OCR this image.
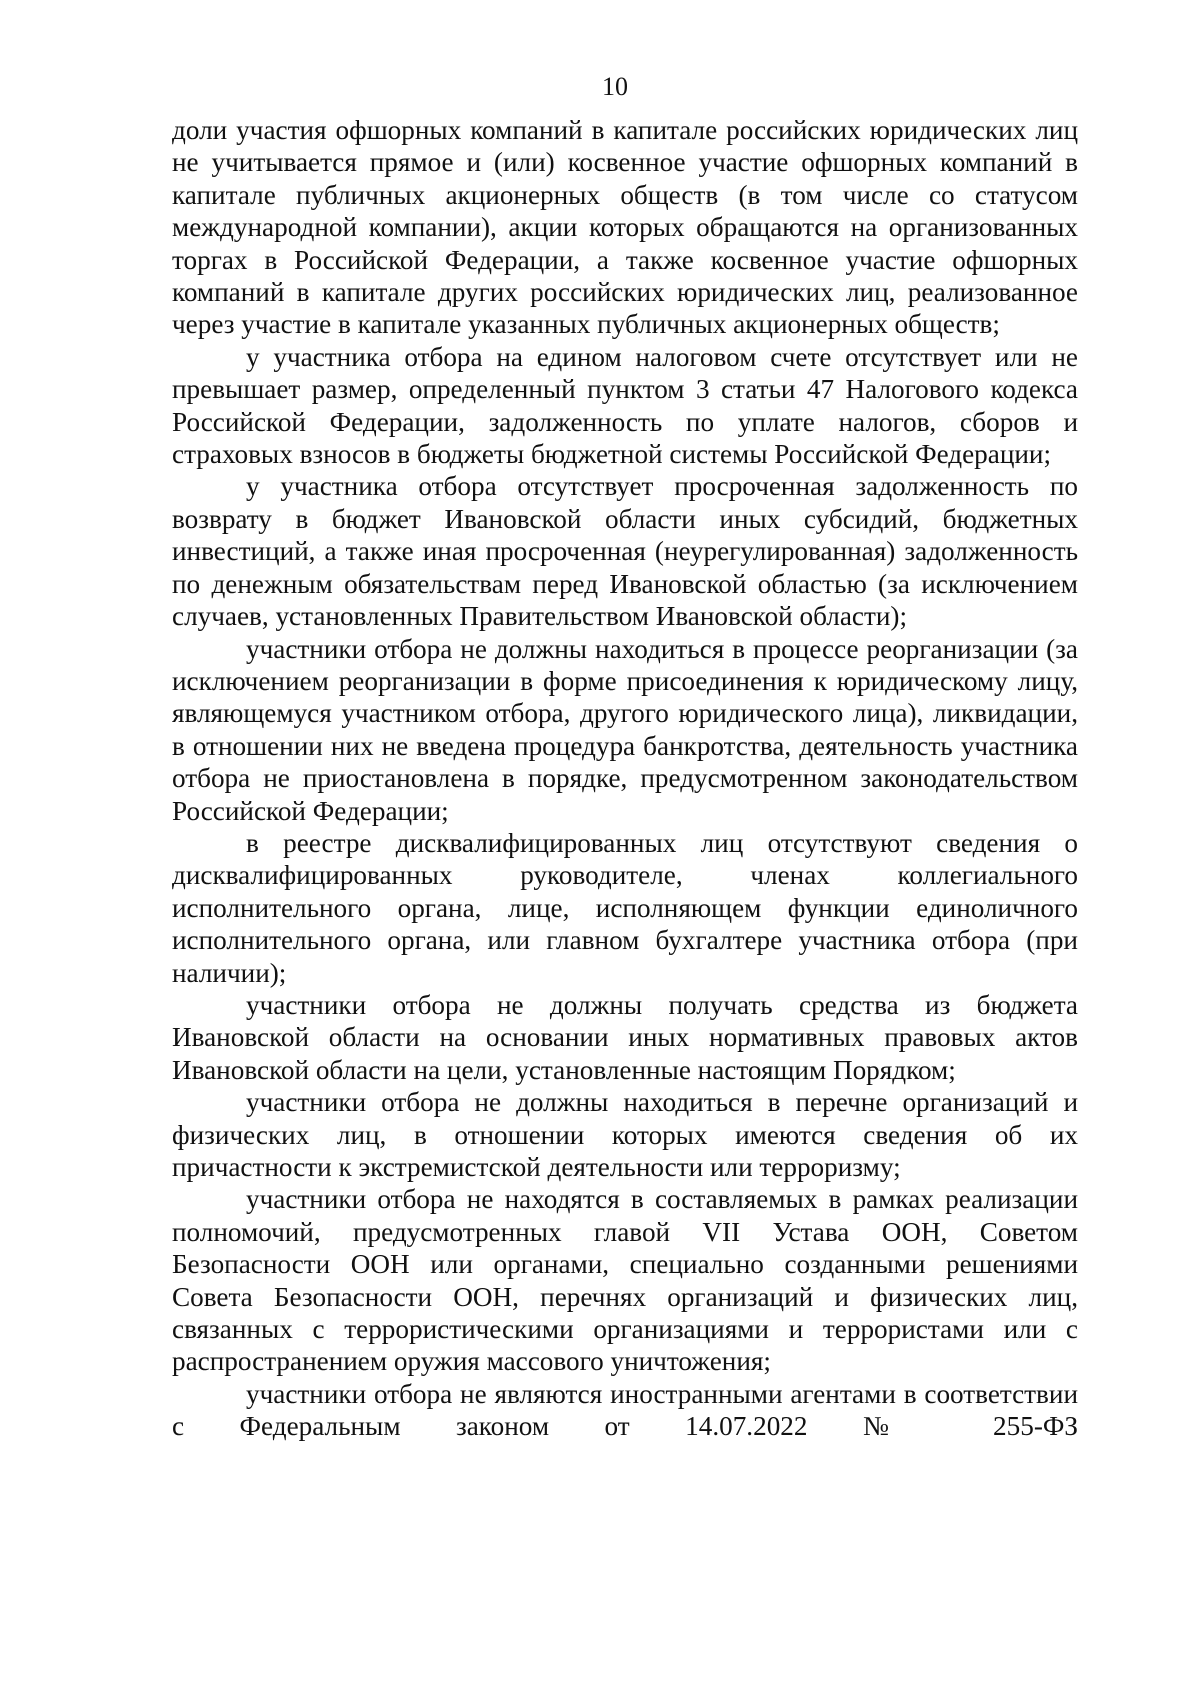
10

доли участия офшорных компаний в капитале российских юридических лиц не учитывается прямое и (или) косвенное участие офшорных компаний в капитале публичных акционерных обществ (в том числе со статусом международной компании), акции которых обращаются на организованных торгах в Российской Федерации, а также косвенное участие офшорных компаний в капитале других российских юридических лиц, реализованное через участие в капитале указанных публичных акционерных обществ;

у участника отбора на едином налоговом счете отсутствует или не превышает размер, определенный пунктом 3 статьи 47 Налогового кодекса Российской Федерации, задолженность по уплате налогов, сборов и страховых взносов в бюджеты бюджетной системы Российской Федерации;

у участника отбора отсутствует просроченная задолженность по возврату в бюджет Ивановской области иных субсидий, бюджетных инвестиций, а также иная просроченная (неурегулированная) задолженность по денежным обязательствам перед Ивановской областью (за исключением случаев, установленных Правительством Ивановской области);

участники отбора не должны находиться в процессе реорганизации (за исключением реорганизации в форме присоединения к юридическому лицу, являющемуся участником отбора, другого юридического лица), ликвидации, в отношении них не введена процедура банкротства, деятельность участника отбора не приостановлена в порядке, предусмотренном законодательством Российской Федерации;

в реестре дисквалифицированных лиц отсутствуют сведения о дисквалифицированных руководителе, членах коллегиального исполнительного органа, лице, исполняющем функции единоличного исполнительного органа, или главном бухгалтере участника отбора (при наличии);

участники отбора не должны получать средства из бюджета Ивановской области на основании иных нормативных правовых актов Ивановской области на цели, установленные настоящим Порядком;

участники отбора не должны находиться в перечне организаций и физических лиц, в отношении которых имеются сведения об их причастности к экстремистской деятельности или терроризму;

участники отбора не находятся в составляемых в рамках реализации полномочий, предусмотренных главой VII Устава ООН, Советом Безопасности ООН или органами, специально созданными решениями Совета Безопасности ООН, перечнях организаций и физических лиц, связанных с террористическими организациями и террористами или с распространением оружия массового уничтожения;

участники отбора не являются иностранными агентами в соответствии с Федеральным законом от 14.07.2022 № 255-ФЗ
